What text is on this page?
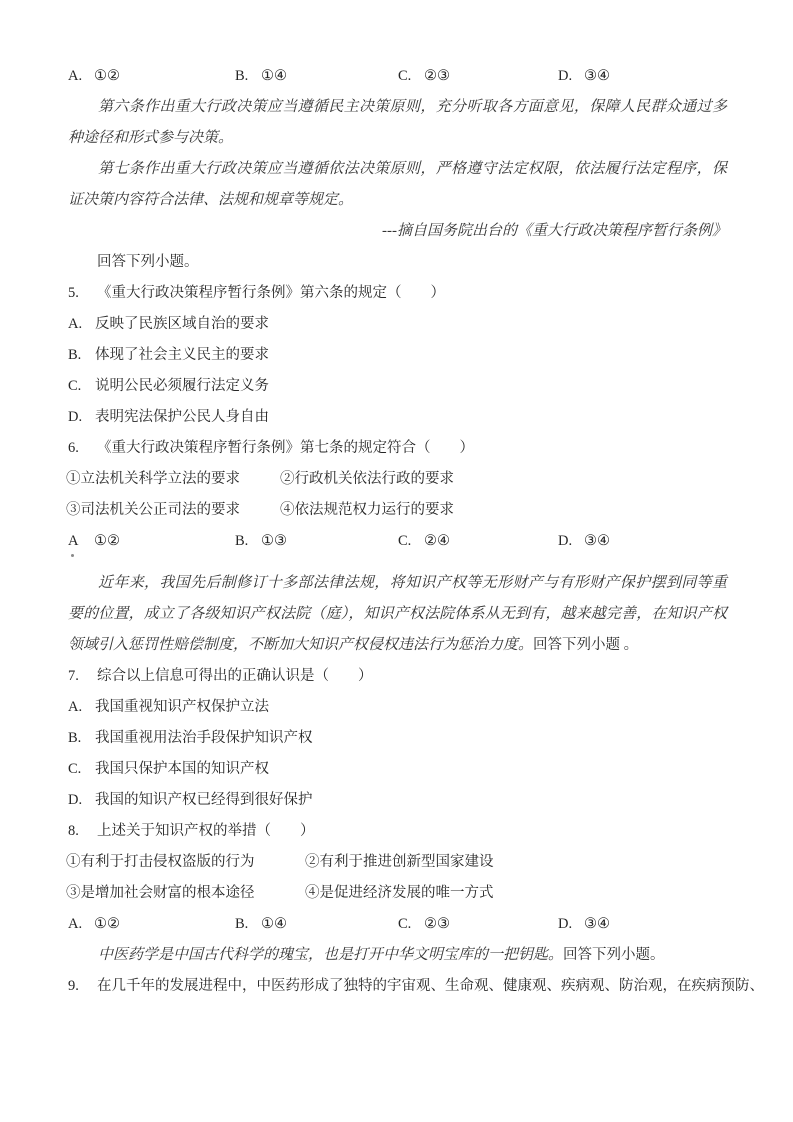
A. ①②	B. ①④	C. ②③	D. ③④
第六条作出重大行政决策应当遵循民主决策原则，充分听取各方面意见，保障人民群众通过多种途径和形式参与决策。
第七条作出重大行政决策应当遵循依法决策原则，严格遵守法定权限，依法履行法定程序，保证决策内容符合法律、法规和规章等规定。
---摘自国务院出台的《重大行政决策程序暂行条例》
回答下列小题。
5. 《重大行政决策程序暂行条例》第六条的规定（　　）
A. 反映了民族区域自治的要求
B. 体现了社会主义民主的要求
C. 说明公民必须履行法定义务
D. 表明宪法保护公民人身自由
6. 《重大行政决策程序暂行条例》第七条的规定符合（　　）
①立法机关科学立法的要求	②行政机关依法行政的要求
③司法机关公正司法的要求	④依法规范权力运行的要求
A ①②	B. ①③	C. ②④	D. ③④
近年来，我国先后制修订十多部法律法规，将知识产权等无形财产与有形财产保护摆到同等重要的位置，成立了各级知识产权法院（庭），知识产权法院体系从无到有，越来越完善，在知识产权领域引入惩罚性赔偿制度，不断加大知识产权侵权违法行为惩治力度。回答下列小题 。
7. 综合以上信息可得出的正确认识是（　　）
A. 我国重视知识产权保护立法
B. 我国重视用法治手段保护知识产权
C. 我国只保护本国的知识产权
D. 我国的知识产权已经得到很好保护
8. 上述关于知识产权的举措（　　）
①有利于打击侵权盗版的行为	②有利于推进创新型国家建设
③是增加社会财富的根本途径	④是促进经济发展的唯一方式
A. ①②	B. ①④	C. ②③	D. ③④
中医药学是中国古代科学的瑰宝，也是打开中华文明宝库的一把钥匙。回答下列小题。
9. 在几千年的发展进程中，中医药形成了独特的宇宙观、生命观、健康观、疾病观、防治观，在疾病预防、
